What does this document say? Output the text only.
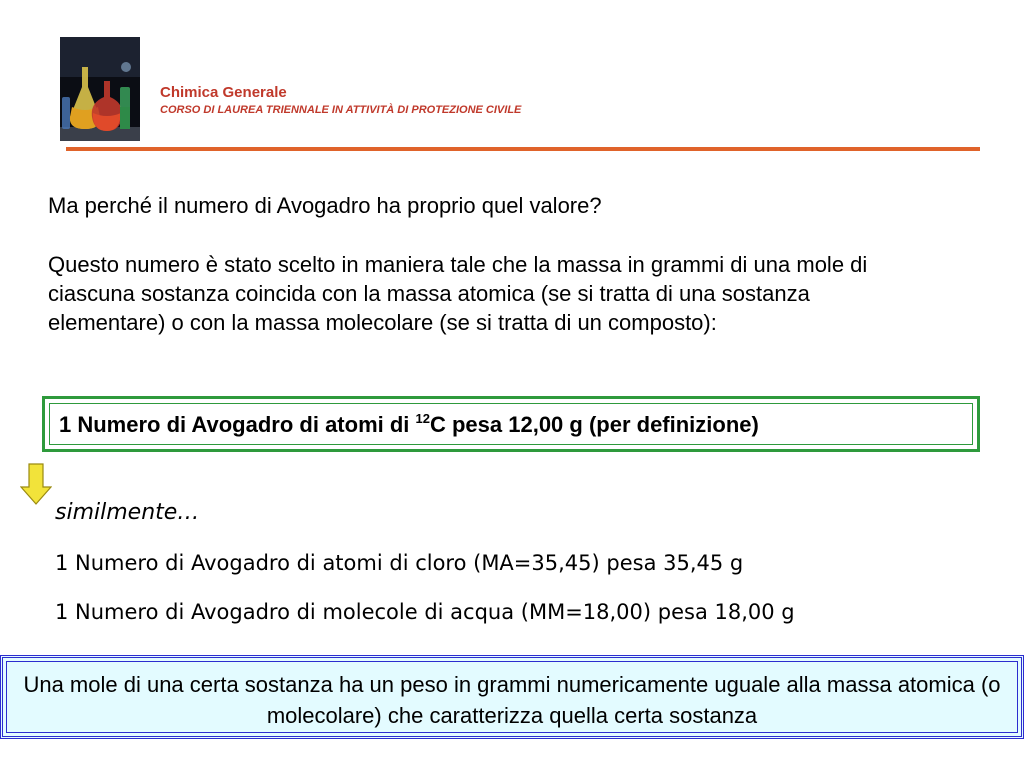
Chimica Generale
CORSO DI LAUREA TRIENNALE IN ATTIVITÀ DI PROTEZIONE CIVILE
Ma perché il numero di Avogadro ha proprio quel valore?
Questo numero è stato scelto in maniera tale che la massa in grammi di una mole di ciascuna sostanza coincida con la massa atomica (se si tratta di una sostanza elementare) o con la massa molecolare (se si tratta di un composto):
1 Numero di Avogadro di atomi di $^{12}$C pesa 12,00 g (per definizione)
similmente…
1 Numero di Avogadro di atomi di cloro (MA=35,45) pesa 35,45 g
1 Numero di Avogadro di molecole di acqua (MM=18,00) pesa 18,00 g
Una mole di una certa sostanza ha un peso in grammi numericamente uguale alla massa atomica (o molecolare) che caratterizza quella certa sostanza
